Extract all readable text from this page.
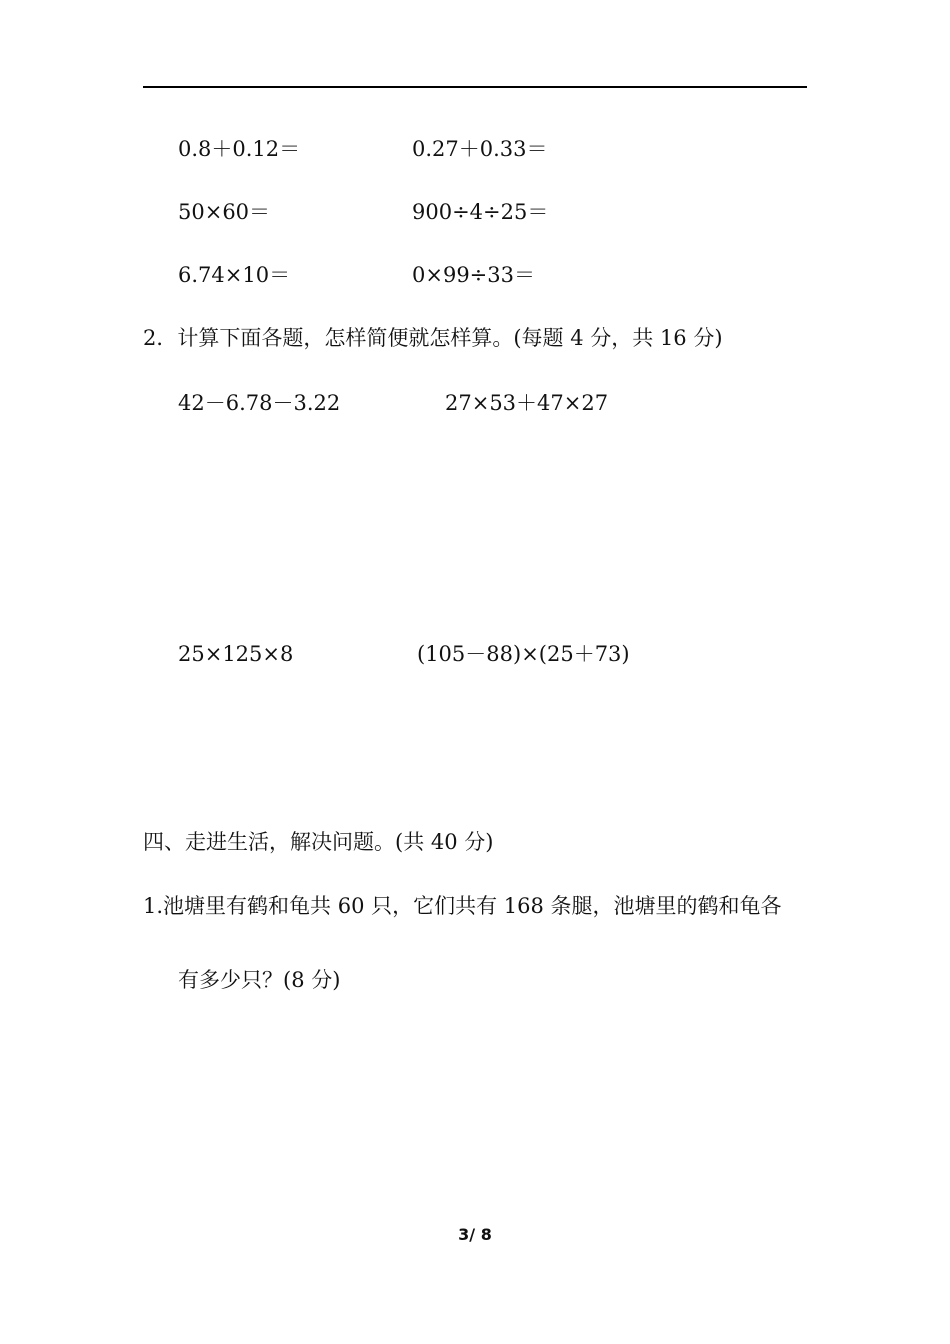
0.8＋0.12＝	0.27＋0.33＝
50×60＝	900÷4÷25＝
6.74×10＝	0×99÷33＝
2．计算下面各题，怎样简便就怎样算。(每题 4 分，共 16 分)
42－6.78－3.22	27×53＋47×27
25×125×8	(105－88)×(25＋73)
四、走进生活，解决问题。(共 40 分)
1.池塘里有鹤和龟共 60 只，它们共有 168 条腿，池塘里的鹤和龟各
有多少只？(8 分)
3/ 8
